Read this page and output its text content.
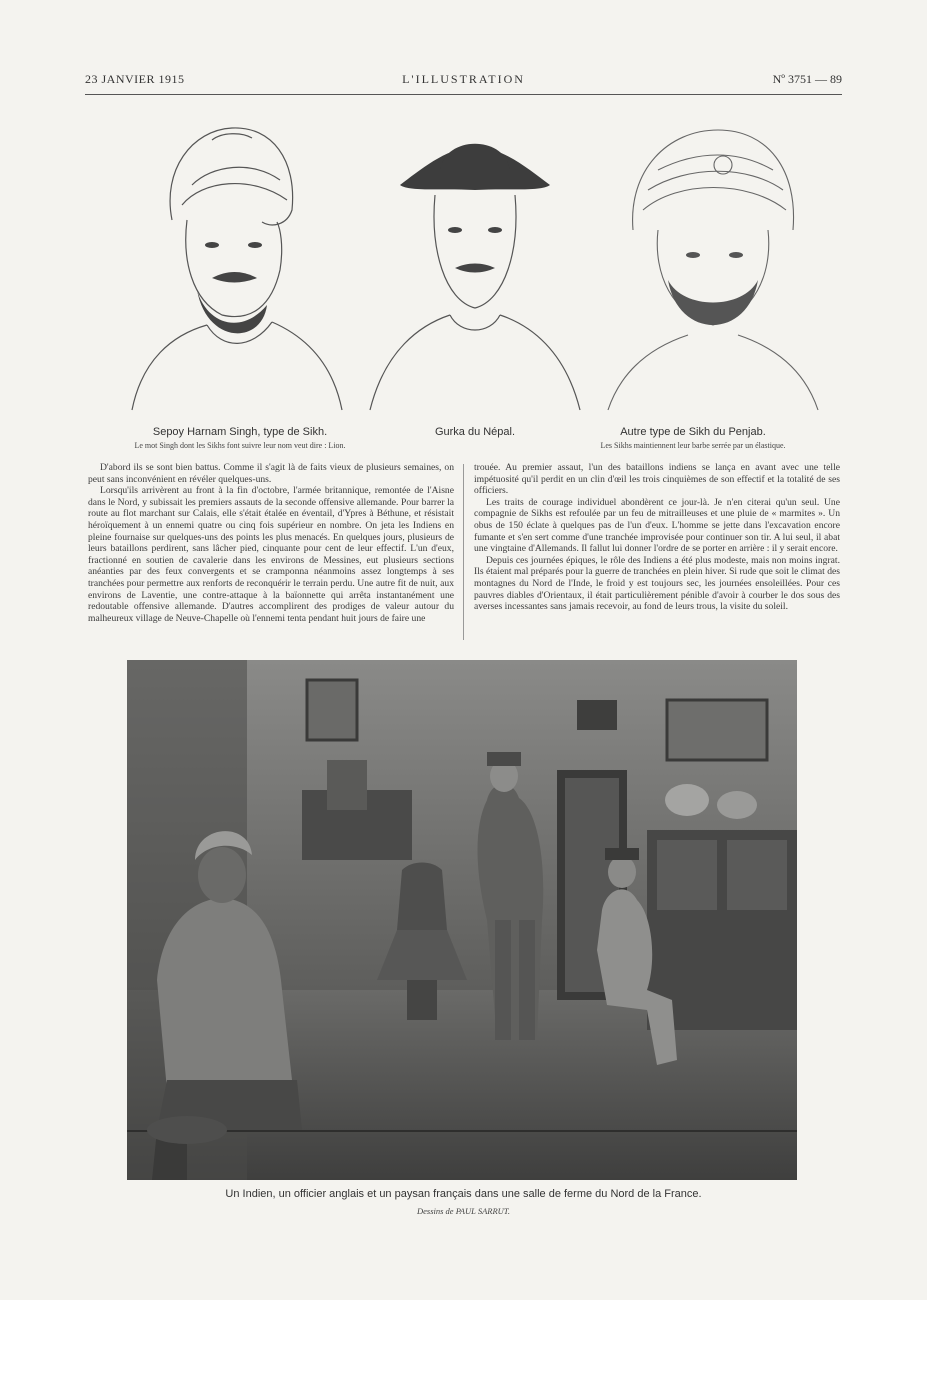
23 JANVIER 1915	L'ILLUSTRATION	Nº 3751 — 89
Sepoy Harnam Singh, type de Sikh.
Le mot Singh dont les Sikhs font suivre leur nom veut dire : Lion.
Gurka du Népal.	Autre type de Sikh du Penjab.
Les Sikhs maintiennent leur barbe serrée par un élastique.

D'abord ils se sont bien battus. Comme il s'agit là de faits vieux de plusieurs semaines, on peut sans inconvénient en révéler quelques-uns.

Lorsqu'ils arrivèrent au front à la fin d'octobre, l'armée britannique, remontée de l'Aisne dans le Nord, y subissait les premiers assauts de la seconde offensive allemande. Pour barrer la route au flot marchant sur Calais, elle s'était étalée en éventail, d'Ypres à Béthune, et résistait héroïquement à un ennemi quatre ou cinq fois supérieur en nombre. On jeta les Indiens en pleine fournaise sur quelques-uns des points les plus menacés. En quelques jours, plusieurs de leurs bataillons perdirent, sans lâcher pied, cinquante pour cent de leur effectif. L'un d'eux, fractionné en soutien de cavalerie dans les environs de Messines, eut plusieurs sections anéanties par des feux convergents et se cramponna néanmoins assez longtemps à ses tranchées pour permettre aux renforts de reconquérir le terrain perdu. Une autre fit de nuit, aux environs de Laventie, une contre-attaque à la baïonnette qui arrêta instantanément une redoutable offensive allemande. D'autres accomplirent des prodiges de valeur autour du malheureux village de Neuve-Chapelle où l'ennemi tenta pendant huit jours de faire une

trouée. Au premier assaut, l'un des bataillons indiens se lança en avant avec une telle impétuosité qu'il perdit en un clin d'œil les trois cinquièmes de son effectif et la totalité de ses officiers.

Les traits de courage individuel abondèrent ce jour-là. Je n'en citerai qu'un seul. Une compagnie de Sikhs est refoulée par un feu de mitrailleuses et une pluie de « marmites ». Un obus de 150 éclate à quelques pas de l'un d'eux. L'homme se jette dans l'excavation encore fumante et s'en sert comme d'une tranchée improvisée pour continuer son tir. A lui seul, il abat une vingtaine d'Allemands. Il fallut lui donner l'ordre de se porter en arrière : il y serait encore.

Depuis ces journées épiques, le rôle des Indiens a été plus modeste, mais non moins ingrat. Ils étaient mal préparés pour la guerre de tranchées en plein hiver. Si rude que soit le climat des montagnes du Nord de l'Inde, le froid y est toujours sec, les journées ensoleillées. Pour ces pauvres diables d'Orientaux, il était particulièrement pénible d'avoir à courber le dos sous des averses incessantes sans jamais recevoir, au fond de leurs trous, la visite du soleil.

Un Indien, un officier anglais et un paysan français dans une salle de ferme du Nord de la France.
Dessins de PAUL SARRUT.
